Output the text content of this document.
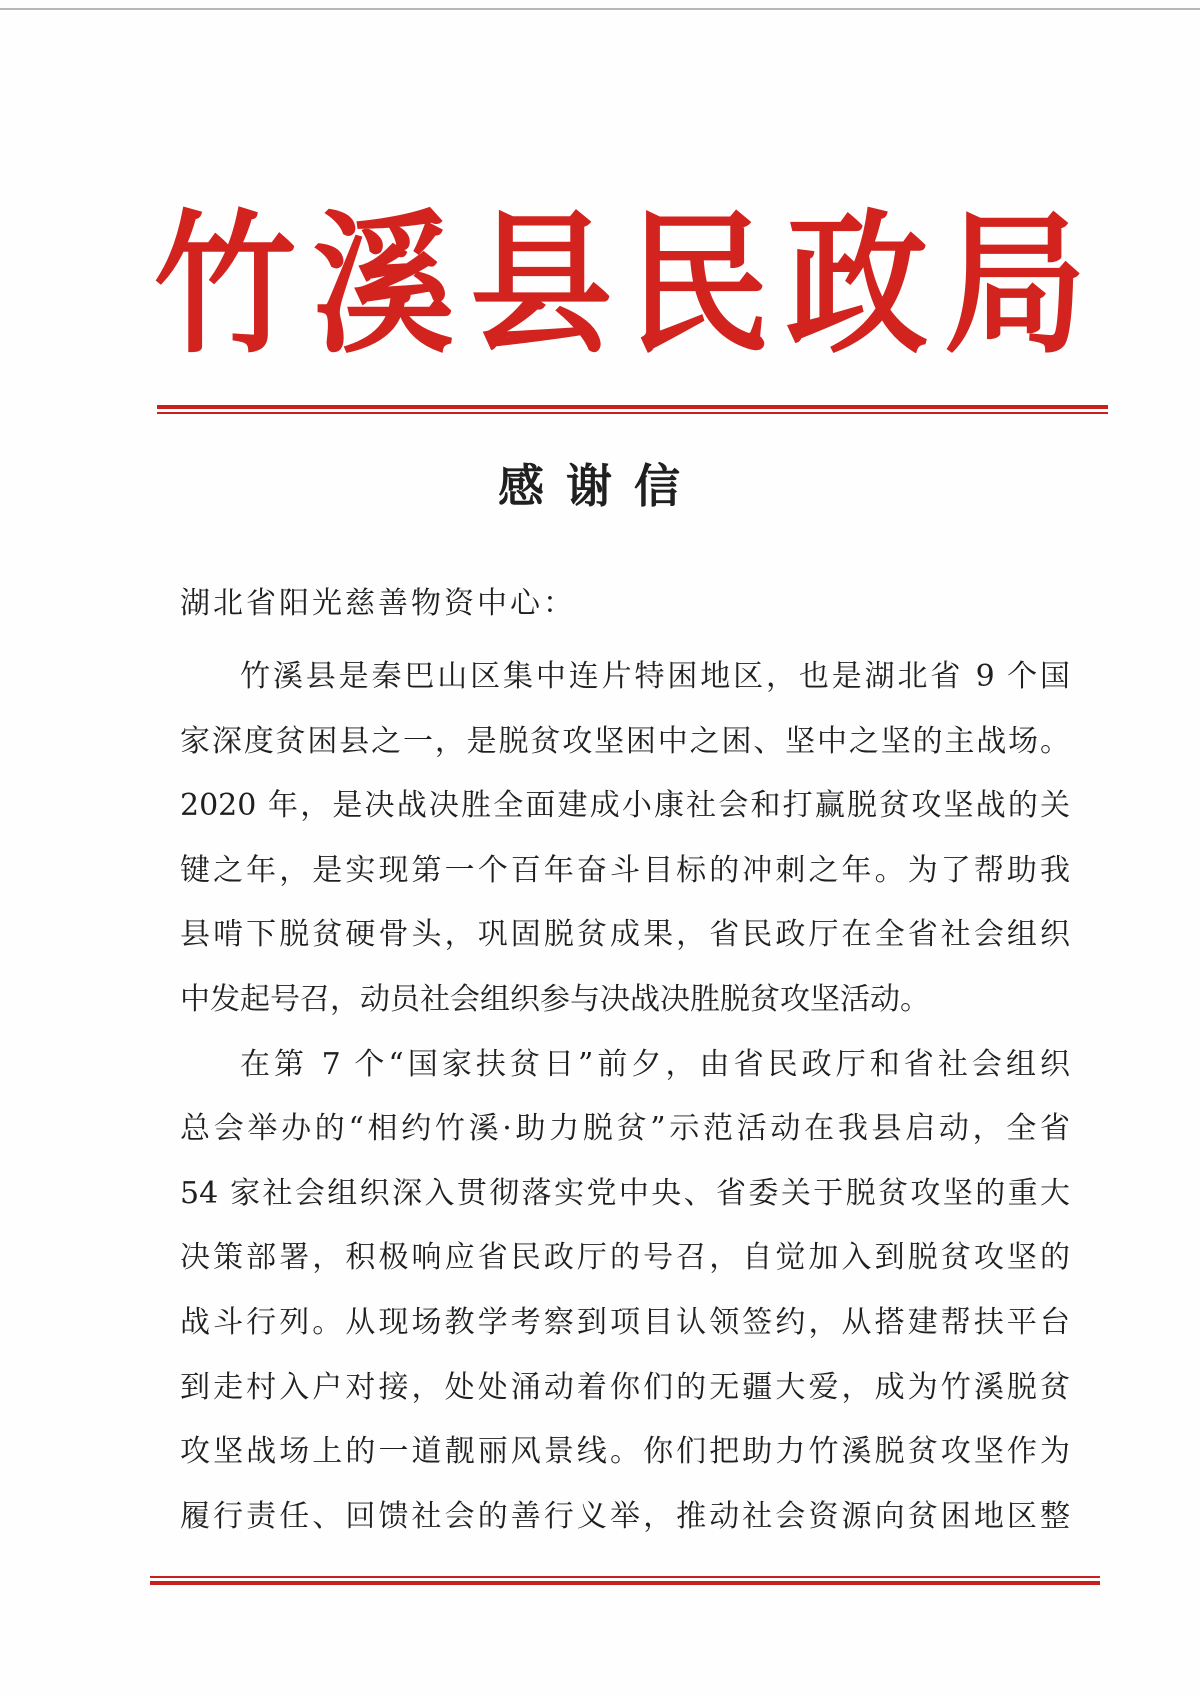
竹 溪 县 民 政 局
感谢信
湖北省阳光慈善物资中心：
竹溪县是秦巴山区集中连片特困地区，也是湖北省 9 个国
家深度贫困县之一，是脱贫攻坚困中之困、坚中之坚的主战场。
2020 年，是决战决胜全面建成小康社会和打赢脱贫攻坚战的关
键之年，是实现第一个百年奋斗目标的冲刺之年。为了帮助我
县啃下脱贫硬骨头，巩固脱贫成果，省民政厅在全省社会组织
中发起号召，动员社会组织参与决战决胜脱贫攻坚活动。
在第 7 个“国家扶贫日”前夕，由省民政厅和省社会组织
总会举办的“相约竹溪·助力脱贫”示范活动在我县启动，全省
54 家社会组织深入贯彻落实党中央、省委关于脱贫攻坚的重大
决策部署，积极响应省民政厅的号召，自觉加入到脱贫攻坚的
战斗行列。从现场教学考察到项目认领签约，从搭建帮扶平台
到走村入户对接，处处涌动着你们的无疆大爱，成为竹溪脱贫
攻坚战场上的一道靓丽风景线。你们把助力竹溪脱贫攻坚作为
履行责任、回馈社会的善行义举，推动社会资源向贫困地区整
